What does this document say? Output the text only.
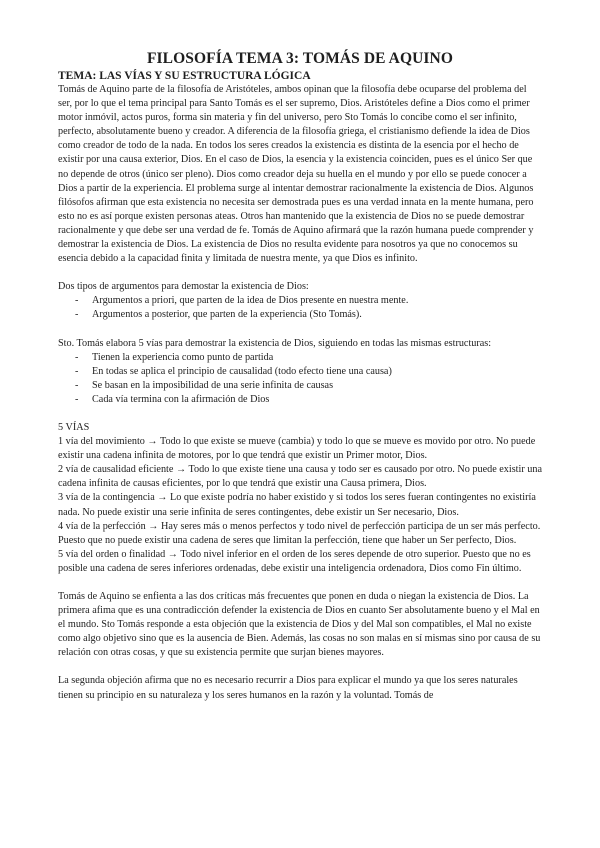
FILOSOFÍA TEMA 3: TOMÁS DE AQUINO
TEMA: LAS VÍAS Y SU ESTRUCTURA LÓGICA

Tomás de Aquino parte de la filosofía de Aristóteles, ambos opinan que la filosofía debe ocuparse del problema del ser, por lo que el tema principal para Santo Tomás es el ser supremo, Dios. Aristóteles define a Dios como el primer motor inmóvil, actos puros, forma sin materia y fin del universo, pero Sto Tomás lo concibe como el ser infinito, perfecto, absolutamente bueno y creador. A diferencia de la filosofía griega, el cristianismo defiende la idea de Dios como creador de todo de la nada. En todos los seres creados la existencia es distinta de la esencia por el hecho de existir por una causa exterior, Dios. En el caso de Dios, la esencia y la existencia coinciden, pues es el único Ser que no depende de otros (único ser pleno). Dios como creador deja su huella en el mundo y por ello se puede conocer a Dios a partir de la experiencia. El problema surge al intentar demostrar racionalmente la existencia de Dios. Algunos filósofos afirman que esta existencia no necesita ser demostrada pues es una verdad innata en la mente humana, pero esto no es así porque existen personas ateas. Otros han mantenido que la existencia de Dios no se puede demostrar racionalmente y que debe ser una verdad de fe. Tomás de Aquino afirmará que la razón humana puede comprender y demostrar la existencia de Dios. La existencia de Dios no resulta evidente para nosotros ya que no conocemos su esencia debido a la capacidad finita y limitada de nuestra mente, ya que Dios es infinito.

Dos tipos de argumentos para demostar la existencia de Dios:

- Argumentos a priori, que parten de la idea de Dios presente en nuestra mente.
- Argumentos a posterior, que parten de la experiencia (Sto Tomás).

Sto. Tomás elabora 5 vías para demostrar la existencia de Dios, siguiendo en todas las mismas estructuras:

- Tienen la experiencia como punto de partida
- En todas se aplica el principio de causalidad (todo efecto tiene una causa)
- Se basan en la imposibilidad de una serie infinita de causas
- Cada vía termina con la afirmación de Dios

5 VÍAS

1 vía del movimiento → Todo lo que existe se mueve (cambia) y todo lo que se mueve es movido por otro. No puede existir una cadena infinita de motores, por lo que tendrá que existir un Primer motor, Dios.

2 vía de causalidad eficiente → Todo lo que existe tiene una causa y todo ser es causado por otro. No puede existir una cadena infinita de causas eficientes, por lo que tendrá que existir una Causa primera, Dios.

3 vía de la contingencia → Lo que existe podría no haber existido y si todos los seres fueran contingentes no existiría nada. No puede existir una serie infinita de seres contingentes, debe existir un Ser necesario, Dios.

4 vía de la perfección → Hay seres más o menos perfectos y todo nivel de perfección participa de un ser más perfecto. Puesto que no puede existir una cadena de seres que limitan la perfección, tiene que haber un Ser perfecto, Dios.

5 vía del orden o finalidad → Todo nivel inferior en el orden de los seres depende de otro superior. Puesto que no es posible una cadena de seres inferiores ordenadas, debe existir una inteligencia ordenadora, Dios como Fin último.

Tomás de Aquino se enfienta a las dos críticas más frecuentes que ponen en duda o niegan la existencia de Dios. La primera afima que es una contradicción defender la existencia de Dios en cuanto Ser absolutamente bueno y el Mal en el mundo. Sto Tomás responde a esta objeción que la existencia de Dios y del Mal son compatibles, el Mal no existe como algo objetivo sino que es la ausencia de Bien. Además, las cosas no son malas en sí mismas sino por causa de su relación con otras cosas, y que su existencia permite que surjan bienes mayores.

La segunda objeción afirma que no es necesario recurrir a Dios para explicar el mundo ya que los seres naturales tienen su principio en su naturaleza y los seres humanos en la razón y la voluntad. Tomás de
